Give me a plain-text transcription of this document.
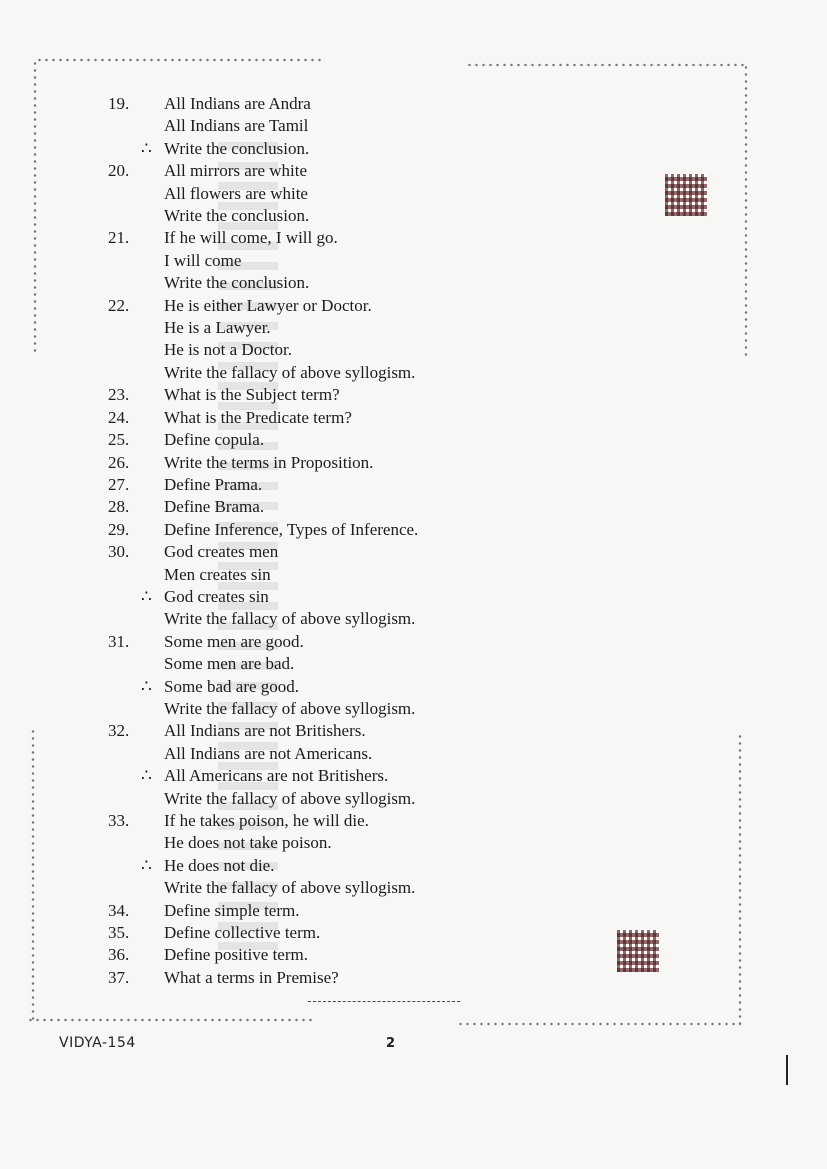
19.	All Indians are Andra
All Indians are Tamil
∴ Write the conclusion.
20.	All mirrors are white
All flowers are white
Write the conclusion.
21.	If he will come, I will go.
I will come
Write the conclusion.
22.	He is either Lawyer or Doctor.
He is a Lawyer.
He is not a Doctor.
Write the fallacy of above syllogism.
23.	What is the Subject term?
24.	What is the Predicate term?
25.	Define copula.
26.	Write the terms in Proposition.
27.	Define Prama.
28.	Define Brama.
29.	Define Inference, Types of Inference.
30.	God creates men
Men creates sin
∴ God creates sin
Write the fallacy of above syllogism.
31.	Some men are good.
Some men are bad.
∴ Some bad are good.
Write the fallacy of above syllogism.
32.	All Indians are not Britishers.
All Indians are not Americans.
∴ All Americans are not Britishers.
Write the fallacy of above syllogism.
33.	If he takes poison, he will die.
He does not take poison.
∴ He does not die.
Write the fallacy of above syllogism.
34.	Define simple term.
35.	Define collective term.
36.	Define positive term.
37.	What a terms in Premise?
VIDYA-154	2
